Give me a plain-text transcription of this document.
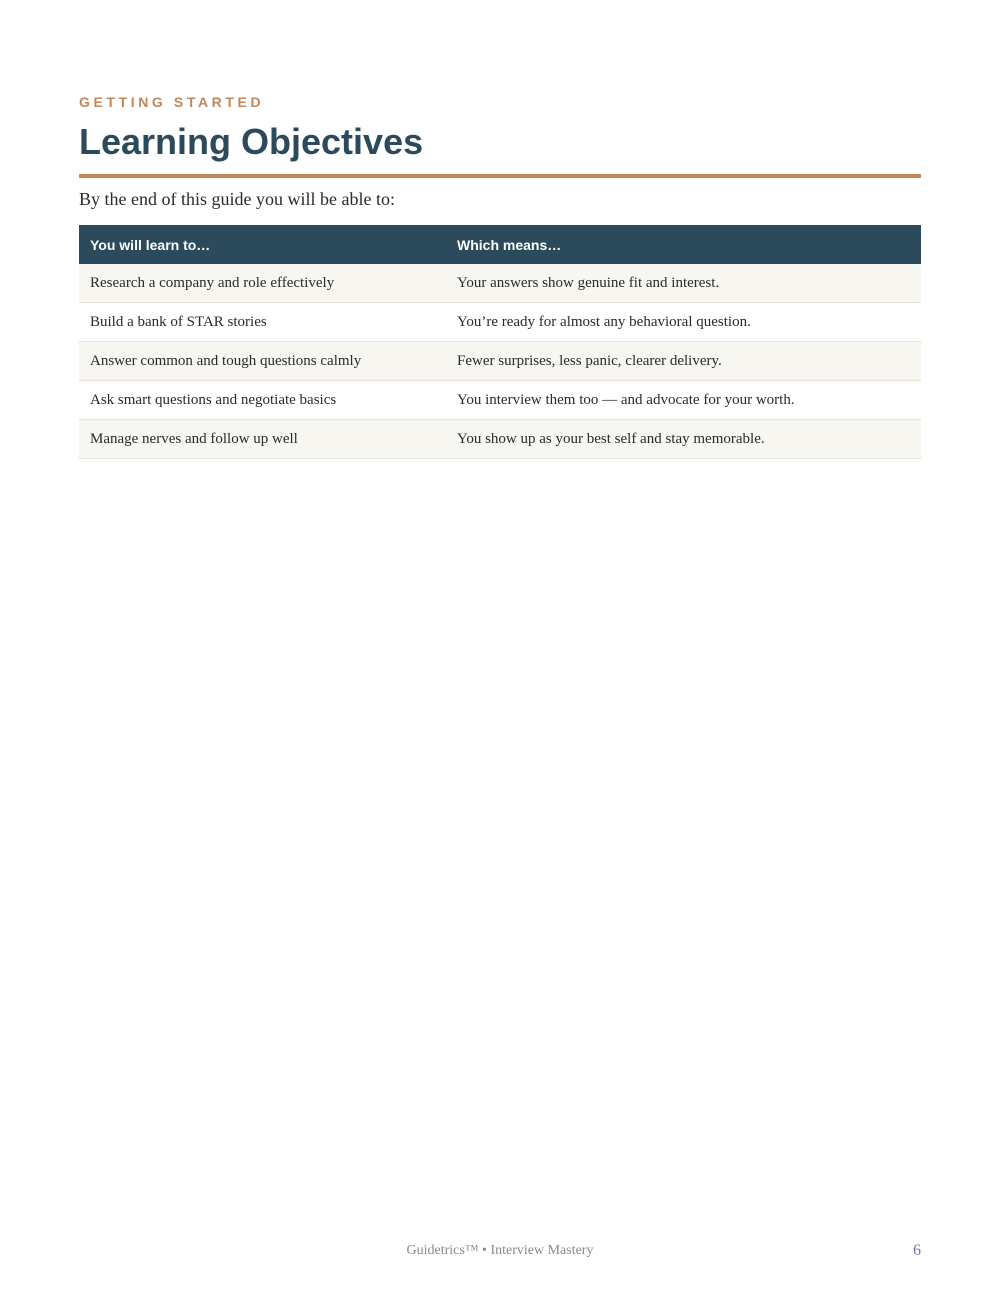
GETTING STARTED
Learning Objectives
By the end of this guide you will be able to:
You will learn to…	Which means…
Research a company and role effectively	Your answers show genuine fit and interest.
Build a bank of STAR stories	You’re ready for almost any behavioral question.
Answer common and tough questions calmly	Fewer surprises, less panic, clearer delivery.
Ask smart questions and negotiate basics	You interview them too — and advocate for your worth.
Manage nerves and follow up well	You show up as your best self and stay memorable.
Guidetrics™ • Interview Mastery	6
